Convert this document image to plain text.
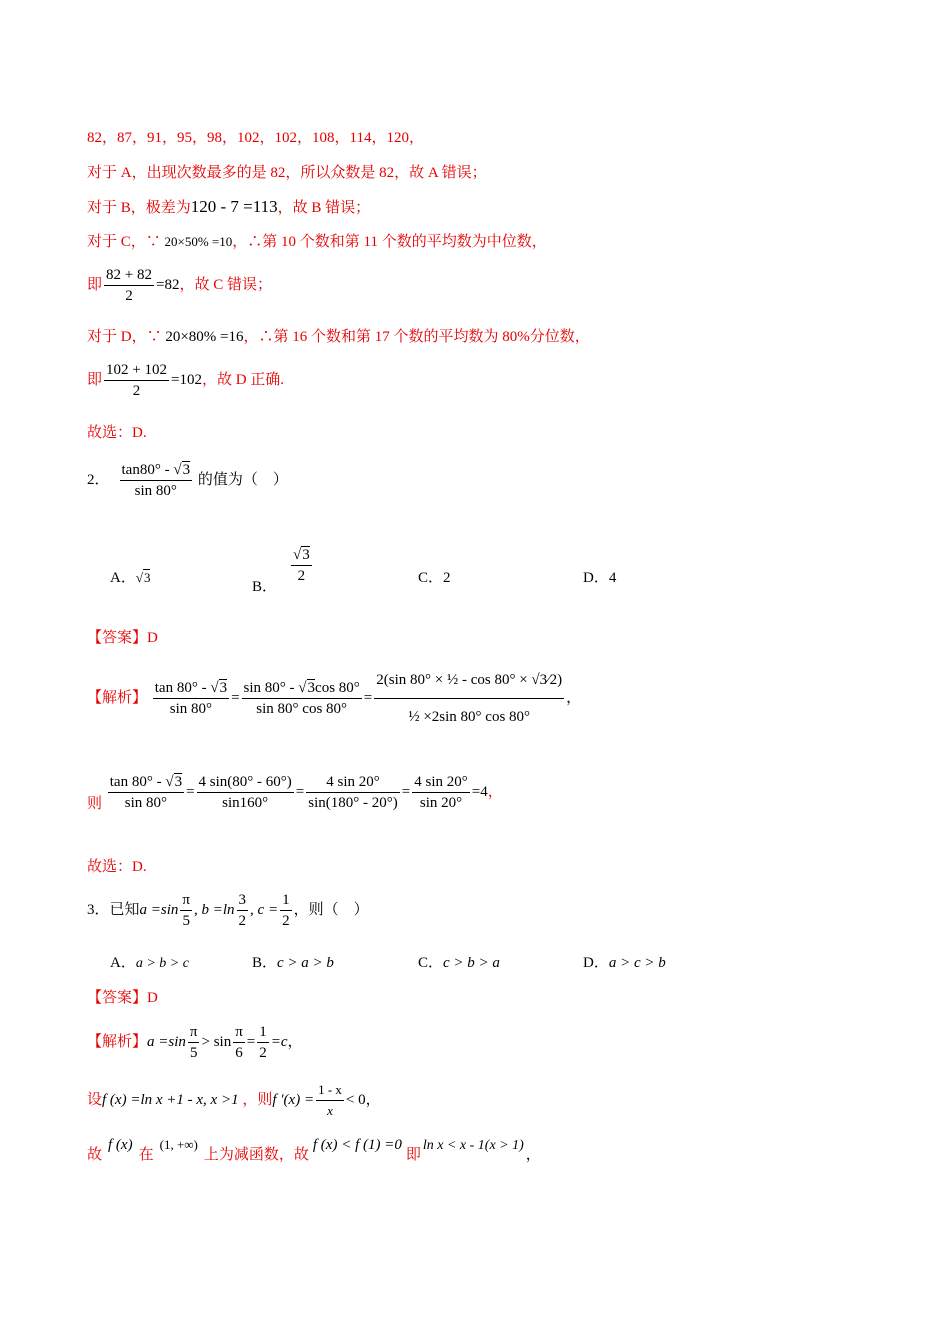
82，87，91，95，98，102，102，108，114，120，
对于 A，出现次数最多的是 82，所以众数是 82，故 A 错误；
对于 B，极差为120 - 7 =113，故 B 错误；
对于 C，∵ 20×50% =10，∴第 10 个数和第 11 个数的平均数为中位数，
即 $\frac{82 + 82}{2} =82$，故 C 错误；
对于 D，∵ 20×80% =16，∴第 16 个数和第 17 个数的平均数为 80%分位数，
即 $\frac{102 + 102}{2} =102$，故 D 正确.
故选：D.
2． $\frac{\tan 80^\circ - √3}{\sin 80^\circ}$ 的值为（　）
A．√3
B．
$\frac{√3}{2}$	C．2	D．4
【答案】D
【解析】 $\frac{\tan 80^\circ - √3}{\sin 80^\circ} = \frac{\sin 80^\circ - √3\cos 80^\circ}{\sin 80^\circ \cos 80^\circ} = \frac{\text{2(sin 80° × ½ - cos 80° × √3⁄2)}}{\text{½ ×2sin 80° cos 80°}}$ ，
则 $\frac{\tan 80^\circ - √3}{\sin 80^\circ} = \frac{4 \sin(80^\circ - 60^\circ)}{\sin 160^\circ} = \frac{4 \sin 20^\circ}{\sin(180^\circ - 20^\circ)} = \frac{4 \sin 20^\circ}{\sin 20^\circ} =4$，
故选：D.
3．已知$a =\sin \frac{\pi}{5}$ , $b =\ln \frac{3}{2}$ , $c = \frac{1}{2}$ ，则（　）
A．a > b > c	B．c > a > b	C．c > b > a	D．a > c > b
【答案】D
【解析】$a =\sin \frac{\pi}{5} > \sin \frac{\pi}{6} = \frac{1}{2} =c$，
设f (x) =ln x +1 - x, x >1 ，则f $'(x) = \frac{1 - x}{x} < 0$，
故f (x)在(1, +∞)上为减函数，故f (x) < f (1) =0即ln x < x - 1(x > 1)，
